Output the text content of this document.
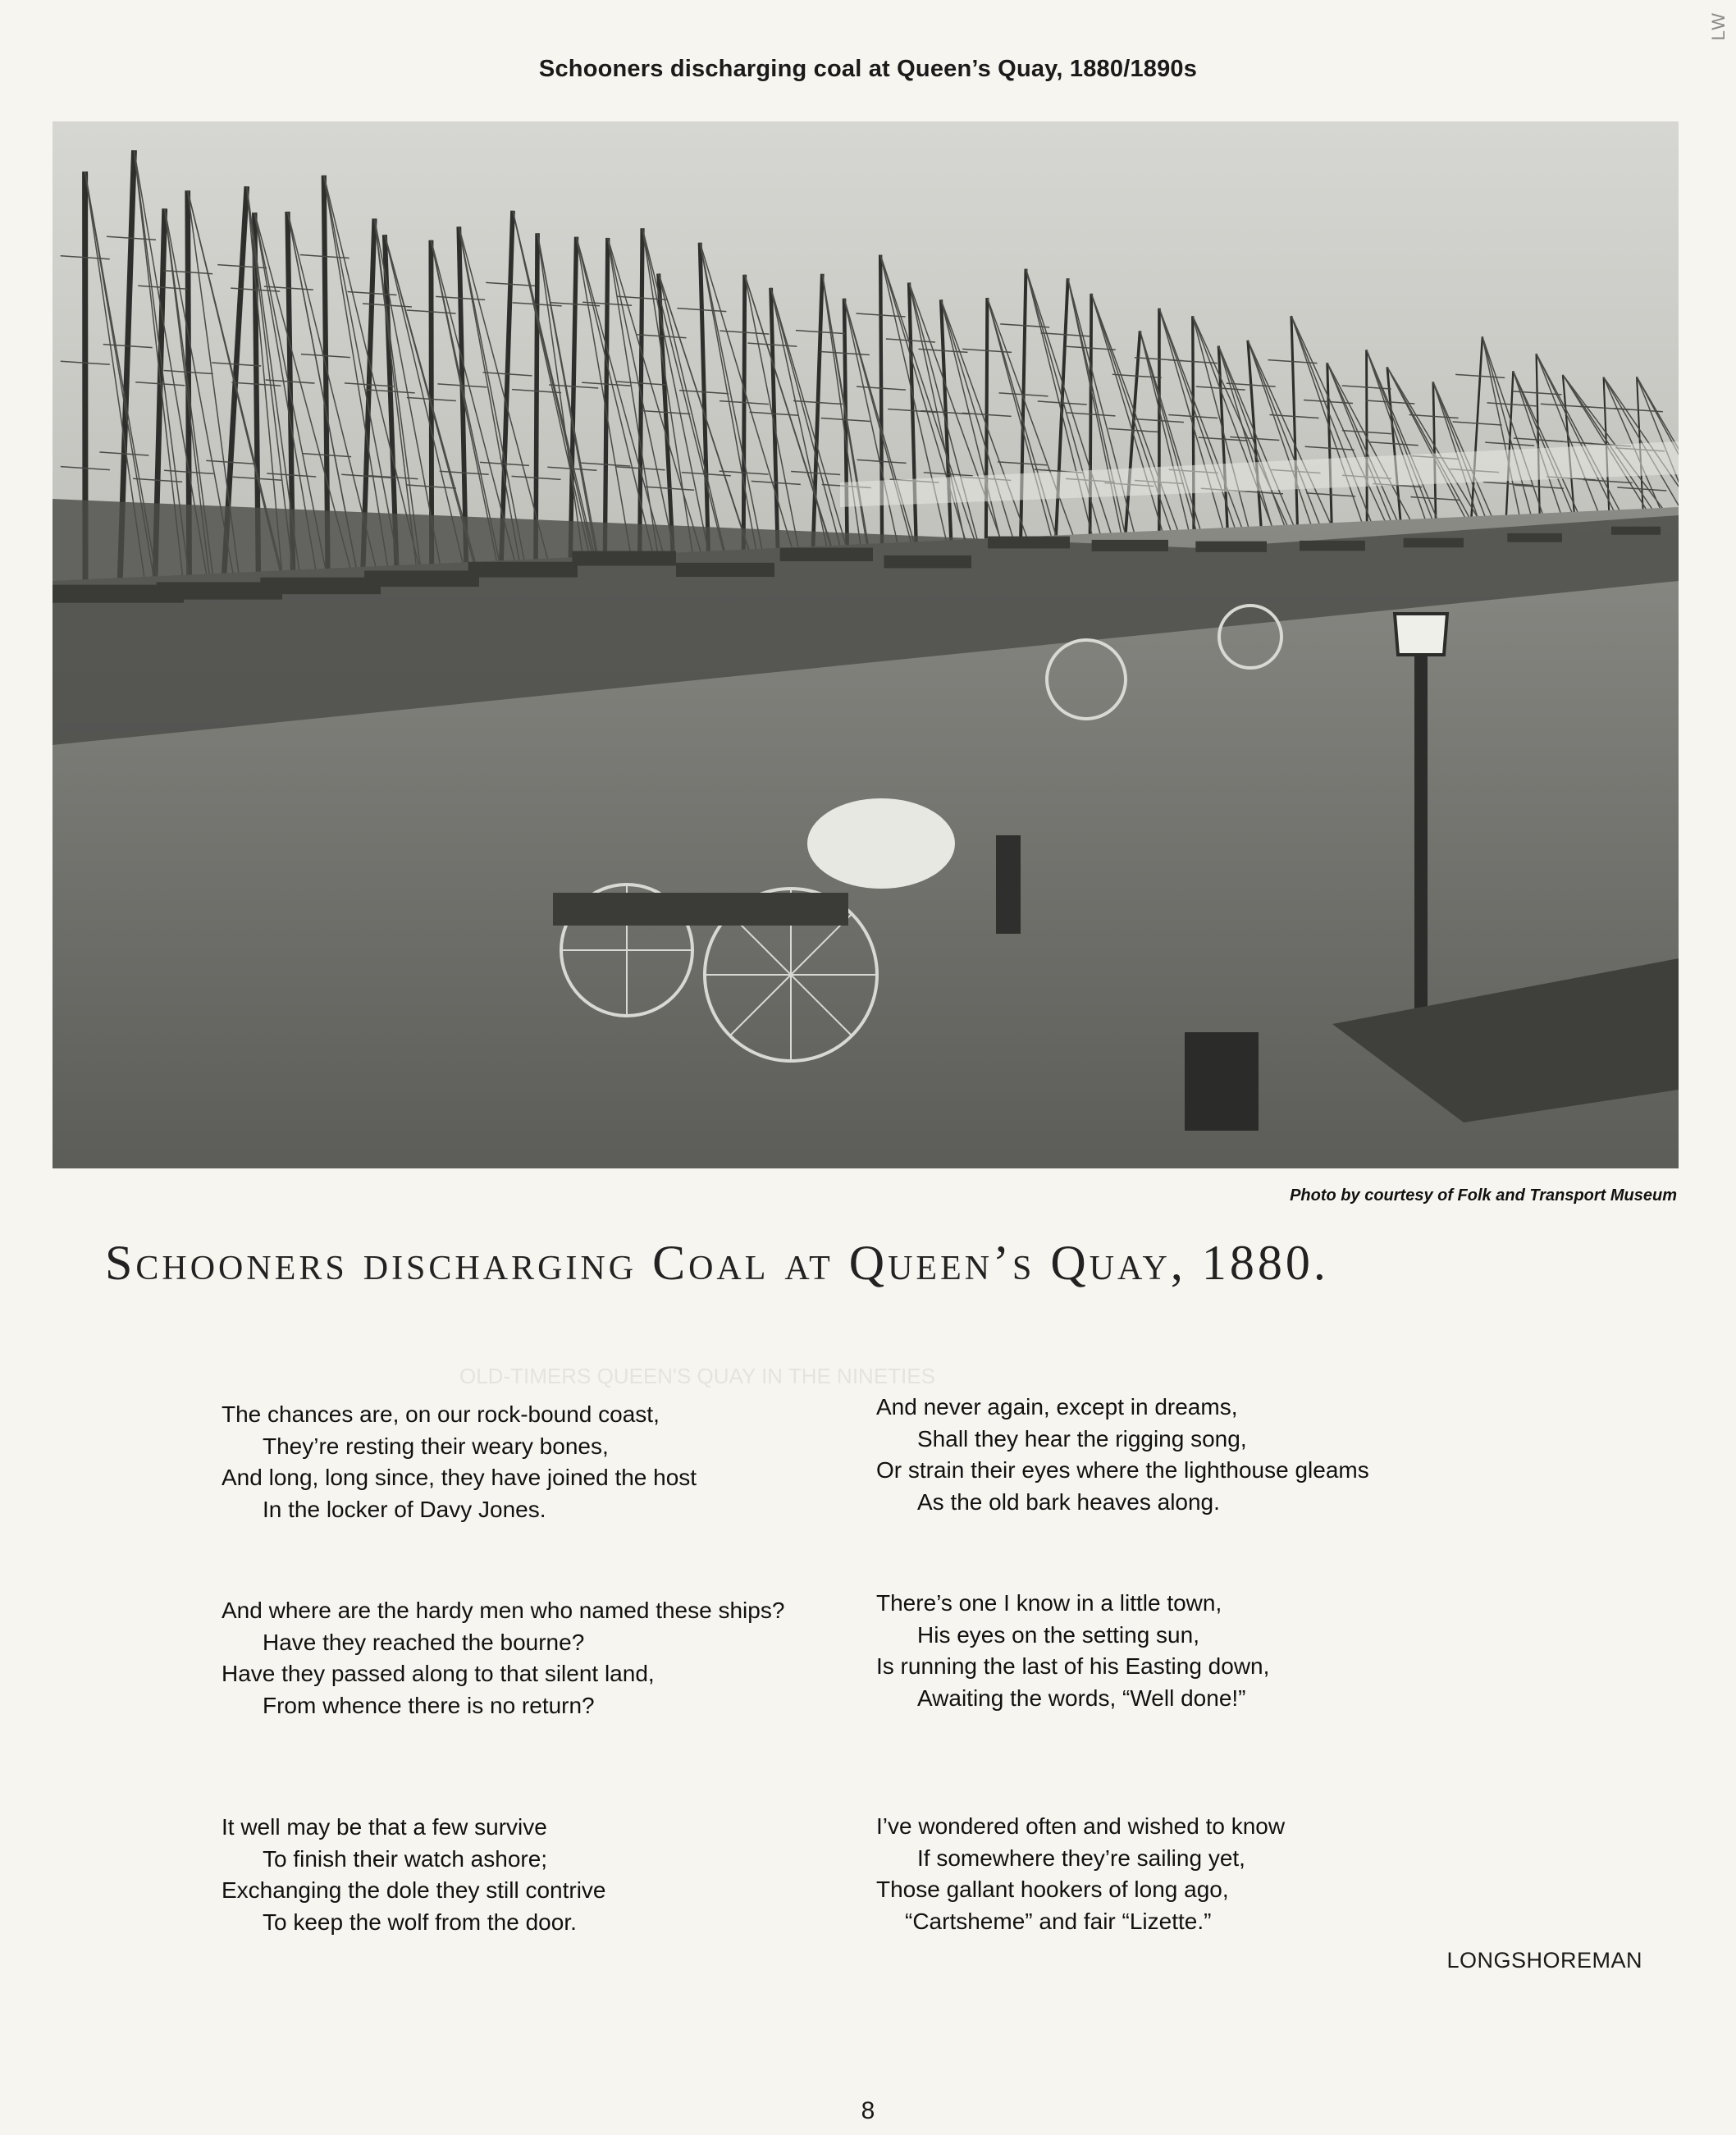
LW
Schooners discharging coal at Queen’s Quay, 1880/1890s
Photo by courtesy of Folk and Transport Museum
Schooners discharging Coal at Queen’s Quay, 1880.
OLD-TIMERS QUEEN'S QUAY IN THE NINETIES
The chances are, on our rock-bound coast,
They’re resting their weary bones,
And long, long since, they have joined the host
In the locker of Davy Jones.
And where are the hardy men who named these ships?
Have they reached the bourne?
Have they passed along to that silent land,
From whence there is no return?
It well may be that a few survive
To finish their watch ashore;
Exchanging the dole they still contrive
To keep the wolf from the door.
And never again, except in dreams,
Shall they hear the rigging song,
Or strain their eyes where the lighthouse gleams
As the old bark heaves along.
There’s one I know in a little town,
His eyes on the setting sun,
Is running the last of his Easting down,
Awaiting the words, “Well done!”
I’ve wondered often and wished to know
If somewhere they’re sailing yet,
Those gallant hookers of long ago,
“Cartsheme” and fair “Lizette.”
LONGSHOREMAN
8
